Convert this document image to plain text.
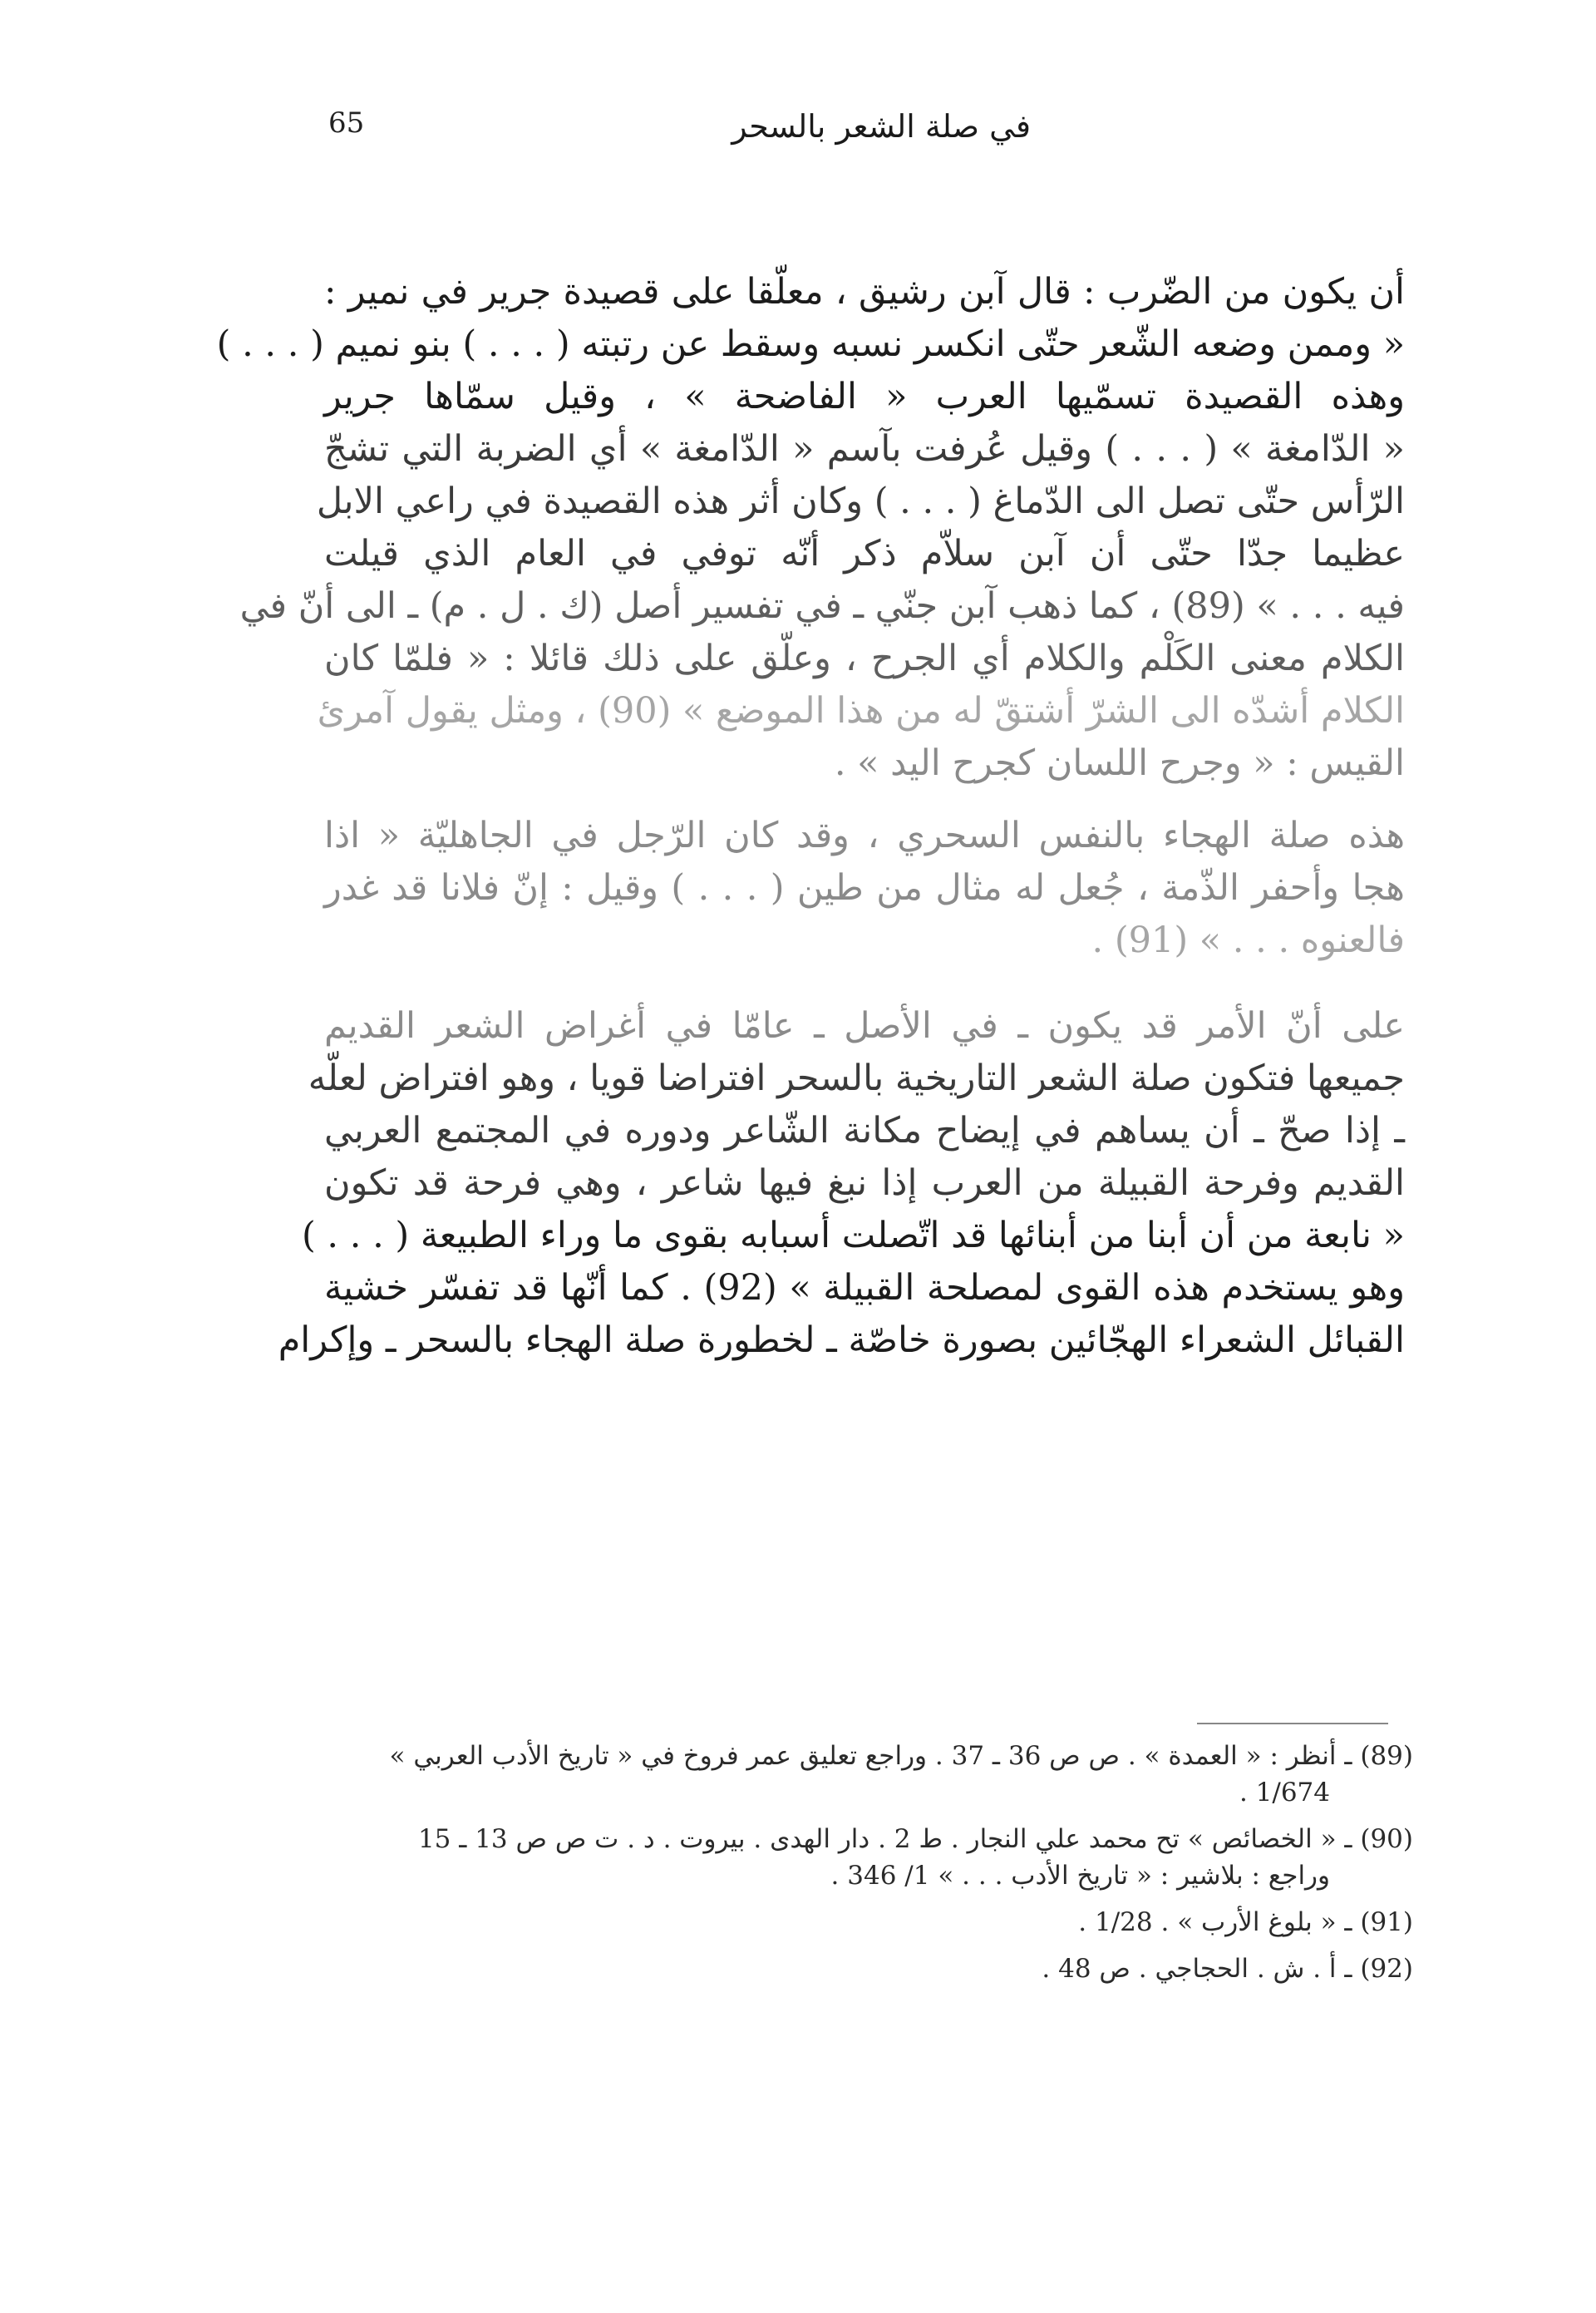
65	في صلة الشعر بالسحر

أن يكون من الضّرب : قال آبن رشيق ، معلّقا على قصيدة جرير في نمير :
« وممن وضعه الشّعر حتّى انكسر نسبه وسقط عن رتبته ( . . . ) بنو نميم ( . . . )
وهذه القصيدة تسمّيها العرب « الفاضحة » ، وقيل سمّاها جرير
« الدّامغة » ( . . . ) وقيل عُرفت بآسم « الدّامغة » أي الضربة التي تشجّ
الرّأس حتّى تصل الى الدّماغ ( . . . ) وكان أثر هذه القصيدة في راعي الابل
عظيما جدّا حتّى أن آبن سلاّم ذكر أنّه توفي في العام الذي قيلت
فيه . . . » (89) ، كما ذهب آبن جنّي ـ في تفسير أصل (ك . ل . م) ـ الى أنّ في
الكلام معنى الكَلْم والكلام أي الجرح ، وعلّق على ذلك قائلا : « فلمّا كان
الكلام أشدّه الى الشرّ أشتقّ له من هذا الموضع » (90) ، ومثل يقول آمرئ
القيس : « وجرح اللسان كجرح اليد » .

هذه صلة الهجاء بالنفس السحري ، وقد كان الرّجل في الجاهليّة « اذا
هجا وأحفر الذّمة ، جُعل له مثال من طين ( . . . ) وقيل : إنّ فلانا قد غدر
فالعنوه . . . » (91) .

على أنّ الأمر قد يكون ـ في الأصل ـ عامّا في أغراض الشعر القديم
جميعها فتكون صلة الشعر التاريخية بالسحر افتراضا قويا ، وهو افتراض لعلّه
ـ إذا صحّ ـ أن يساهم في إيضاح مكانة الشّاعر ودوره في المجتمع العربي
القديم وفرحة القبيلة من العرب إذا نبغ فيها شاعر ، وهي فرحة قد تكون
« نابعة من أن أبنا من أبنائها قد اتّصلت أسبابه بقوى ما وراء الطبيعة ( . . . )
وهو يستخدم هذه القوى لمصلحة القبيلة » (92) . كما أنّها قد تفسّر خشية
القبائل الشعراء الهجّائين بصورة خاصّة ـ لخطورة صلة الهجاء بالسحر ـ وإكرام

(89) ـ أنظر : « العمدة » . ص ص 36 ـ 37 . وراجع تعليق عمر فروخ في « تاريخ الأدب العربي »
1/674 .
(90) ـ « الخصائص » تح محمد علي النجار . ط 2 . دار الهدى . بيروت . د . ت ص ص 13 ـ 15
وراجع : بلاشير : « تاريخ الأدب . . . » 1/ 346 .
(91) ـ « بلوغ الأرب » . 1/28 .
(92) ـ أ . ش . الحجاجي . ص 48 .
